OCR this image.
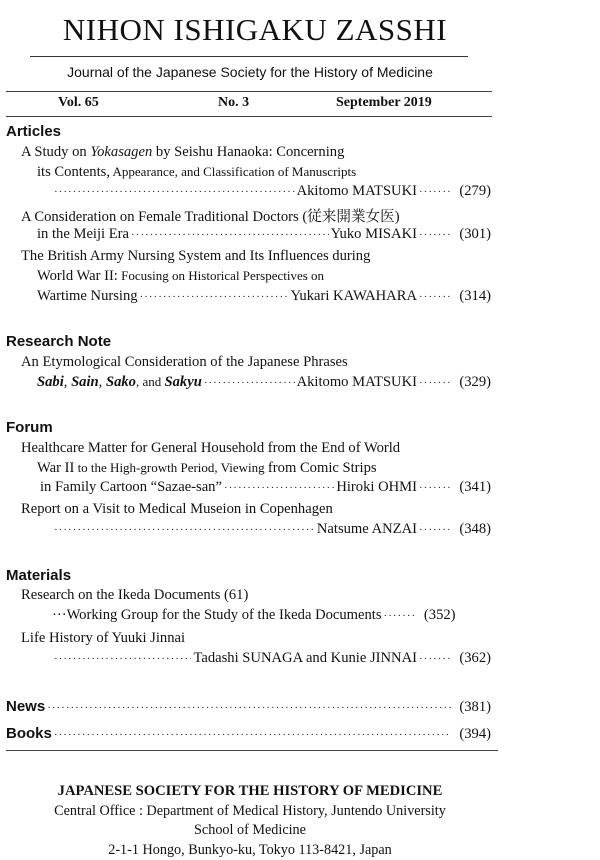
NIHON ISHIGAKU ZASSHI
Journal of the Japanese Society for the History of Medicine
Vol. 65	No. 3	September 2019
Articles
A Study on Yokasagen by Seishu Hanaoka: Concerning
its Contents, Appearance, and Classification of Manuscripts
·····
Akitomo MATSUKI ·····	(279)
A Consideration on Female Traditional Doctors (従来開業女医)
in the Meiji Era ·····	Yuko MISAKI ·····	(301)
The British Army Nursing System and Its Influences during
World War II: Focusing on Historical Perspectives on
Wartime Nursing ·····	Yukari KAWAHARA ·····	(314)
Research Note
An Etymological Consideration of the Japanese Phrases
Sabi, Sain, Sako, and Sakyu ·····	Akitomo MATSUKI ·····	(329)
Forum
Healthcare Matter for General Household from the End of World
War II to the High-growth Period, Viewing from Comic Strips
in Family Cartoon “Sazae-san” ·····	Hiroki OHMI ·····	(341)
Report on a Visit to Medical Museion in Copenhagen
·····
Natsume ANZAI ·····	(348)
Materials
Research on the Ikeda Documents (61)
···Working Group for the Study of the Ikeda Documents ·····	(352)
Life History of Yuuki Jinnai
·····
Tadashi SUNAGA and Kunie JINNAI ·····	(362)
News ·····	(381)
Books ·····	(394)
JAPANESE SOCIETY FOR THE HISTORY OF MEDICINE
Central Office : Department of Medical History, Juntendo University
School of Medicine
2-1-1 Hongo, Bunkyo-ku, Tokyo 113-8421, Japan
